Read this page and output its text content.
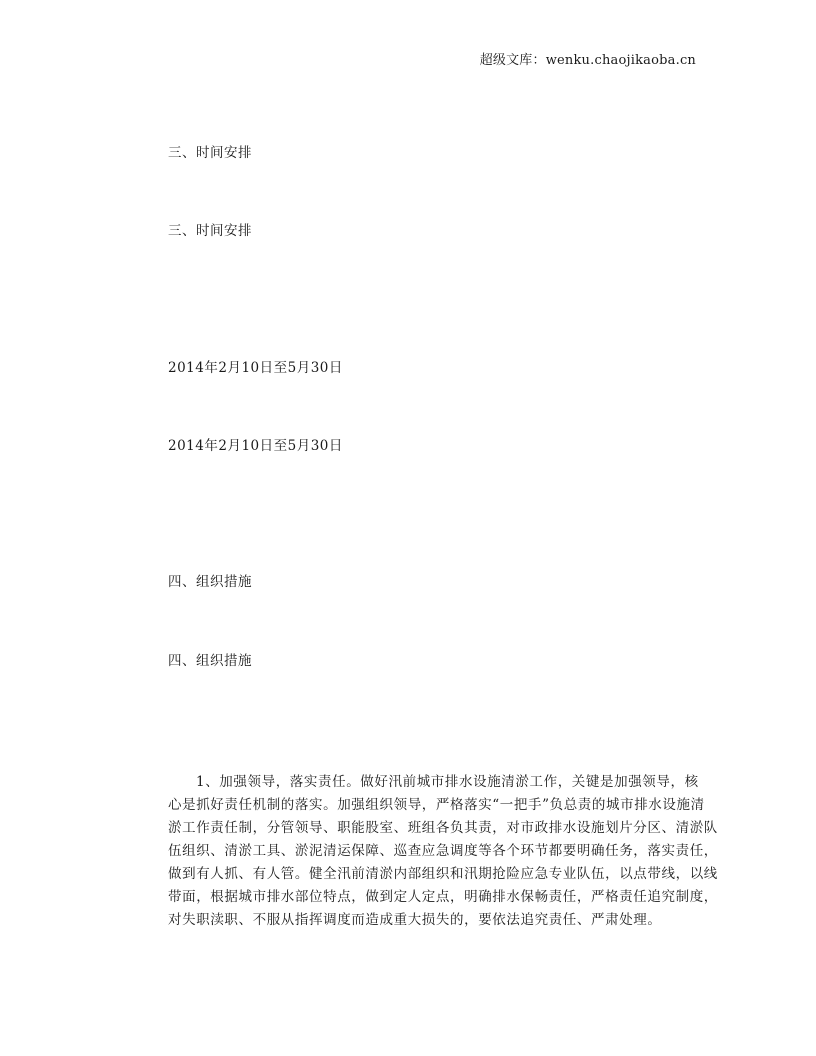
超级文库：wenku.chaojikaoba.cn
三、时间安排
三、时间安排
2014年2月10日至5月30日
2014年2月10日至5月30日
四、组织措施
四、组织措施
1、加强领导，落实责任。做好汛前城市排水设施清淤工作，关键是加强领导，核
心是抓好责任机制的落实。加强组织领导，严格落实“一把手”负总责的城市排水设施清
淤工作责任制，分管领导、职能股室、班组各负其责，对市政排水设施划片分区、清淤队
伍组织、清淤工具、淤泥清运保障、巡查应急调度等各个环节都要明确任务，落实责任，
做到有人抓、有人管。健全汛前清淤内部组织和汛期抢险应急专业队伍，以点带线，以线
带面，根据城市排水部位特点，做到定人定点，明确排水保畅责任，严格责任追究制度，
对失职渎职、不服从指挥调度而造成重大损失的，要依法追究责任、严肃处理。
